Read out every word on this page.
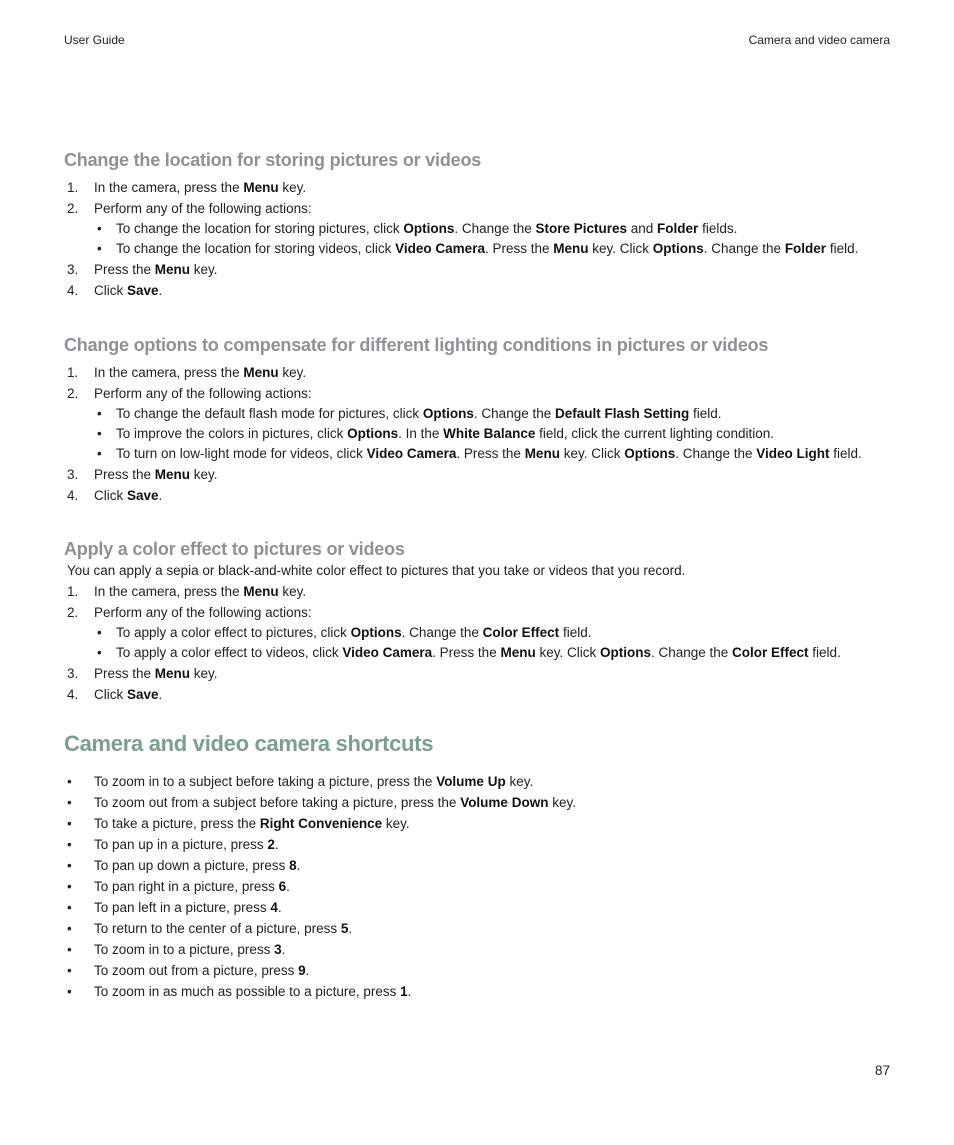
User Guide	Camera and video camera
Change the location for storing pictures or videos
1. In the camera, press the Menu key.
2. Perform any of the following actions:
• To change the location for storing pictures, click Options. Change the Store Pictures and Folder fields.
• To change the location for storing videos, click Video Camera. Press the Menu key. Click Options. Change the Folder field.
3. Press the Menu key.
4. Click Save.
Change options to compensate for different lighting conditions in pictures or videos
1. In the camera, press the Menu key.
2. Perform any of the following actions:
• To change the default flash mode for pictures, click Options. Change the Default Flash Setting field.
• To improve the colors in pictures, click Options. In the White Balance field, click the current lighting condition.
• To turn on low-light mode for videos, click Video Camera. Press the Menu key. Click Options. Change the Video Light field.
3. Press the Menu key.
4. Click Save.
Apply a color effect to pictures or videos

You can apply a sepia or black-and-white color effect to pictures that you take or videos that you record.

1. In the camera, press the Menu key.
2. Perform any of the following actions:
• To apply a color effect to pictures, click Options. Change the Color Effect field.
• To apply a color effect to videos, click Video Camera. Press the Menu key. Click Options. Change the Color Effect field.
3. Press the Menu key.
4. Click Save.
Camera and video camera shortcuts
• To zoom in to a subject before taking a picture, press the Volume Up key.
• To zoom out from a subject before taking a picture, press the Volume Down key.
• To take a picture, press the Right Convenience key.
• To pan up in a picture, press 2.
• To pan up down a picture, press 8.
• To pan right in a picture, press 6.
• To pan left in a picture, press 4.
• To return to the center of a picture, press 5.
• To zoom in to a picture, press 3.
• To zoom out from a picture, press 9.
• To zoom in as much as possible to a picture, press 1.
87
